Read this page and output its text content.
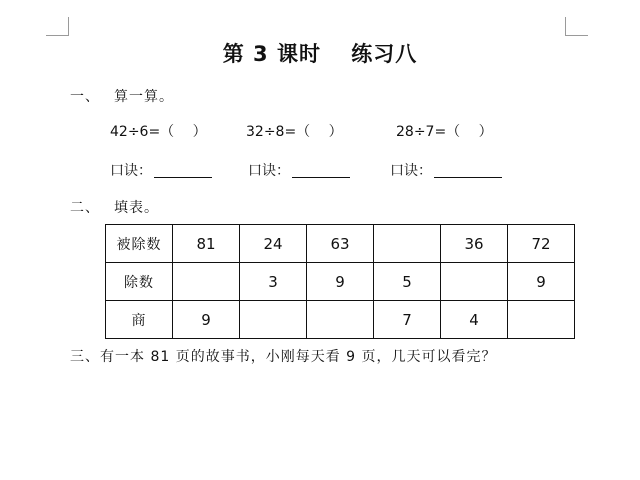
第 3 课时　 练习八
一、 算一算。
42÷6=（　 ）	32÷8=（　 ）	28÷7=（　 ）
口诀：	口诀：	口诀：
二、 填表。
被除数	81	24	63		36	72
除数		3	9	5		9
商	9			7	4	
三、有一本 81 页的故事书，小刚每天看 9 页，几天可以看完？
